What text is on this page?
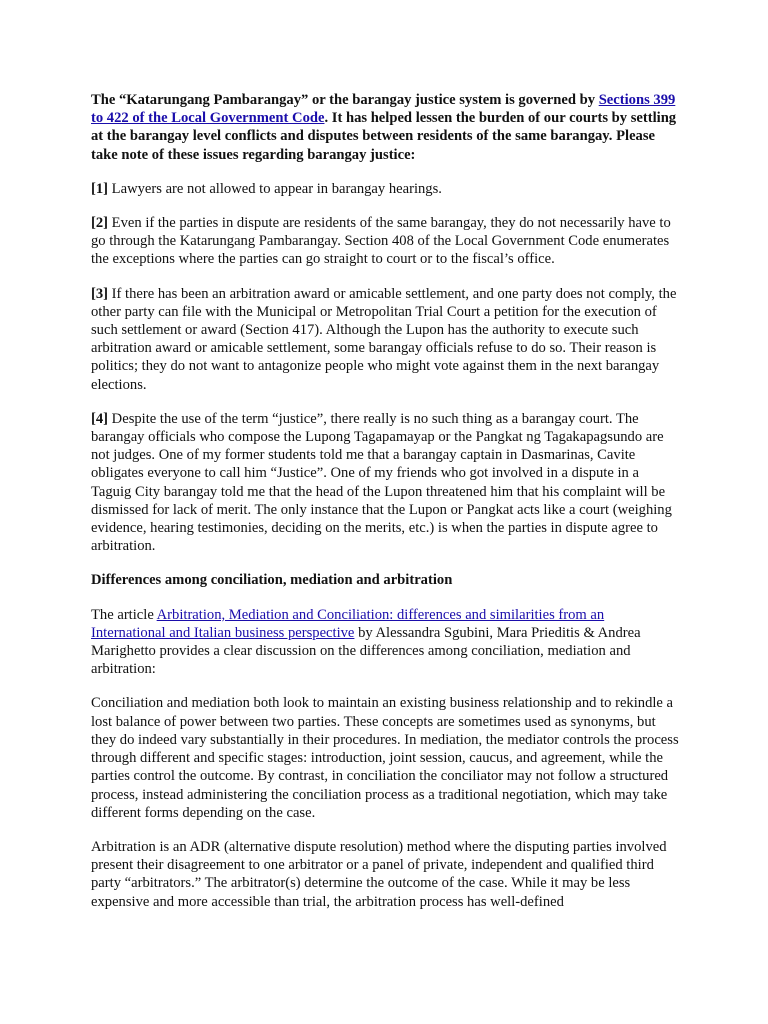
The “Katarungang Pambarangay” or the barangay justice system is governed by Sections 399 to 422 of the Local Government Code. It has helped lessen the burden of our courts by settling at the barangay level conflicts and disputes between residents of the same barangay. Please take note of these issues regarding barangay justice:

[1] Lawyers are not allowed to appear in barangay hearings.

[2] Even if the parties in dispute are residents of the same barangay, they do not necessarily have to go through the Katarungang Pambarangay. Section 408 of the Local Government Code enumerates the exceptions where the parties can go straight to court or to the fiscal’s office.

[3] If there has been an arbitration award or amicable settlement, and one party does not comply, the other party can file with the Municipal or Metropolitan Trial Court a petition for the execution of such settlement or award (Section 417). Although the Lupon has the authority to execute such arbitration award or amicable settlement, some barangay officials refuse to do so. Their reason is politics; they do not want to antagonize people who might vote against them in the next barangay elections.

[4] Despite the use of the term “justice”, there really is no such thing as a barangay court. The barangay officials who compose the Lupong Tagapamayap or the Pangkat ng Tagakapagsundo are not judges. One of my former students told me that a barangay captain in Dasmarinas, Cavite obligates everyone to call him “Justice”. One of my friends who got involved in a dispute in a Taguig City barangay told me that the head of the Lupon threatened him that his complaint will be dismissed for lack of merit. The only instance that the Lupon or Pangkat acts like a court (weighing evidence, hearing testimonies, deciding on the merits, etc.) is when the parties in dispute agree to arbitration.

Differences among conciliation, mediation and arbitration

The article Arbitration, Mediation and Conciliation: differences and similarities from an International and Italian business perspective by Alessandra Sgubini, Mara Prieditis & Andrea Marighetto provides a clear discussion on the differences among conciliation, mediation and arbitration:

Conciliation and mediation both look to maintain an existing business relationship and to rekindle a lost balance of power between two parties. These concepts are sometimes used as synonyms, but they do indeed vary substantially in their procedures. In mediation, the mediator controls the process through different and specific stages: introduction, joint session, caucus, and agreement, while the parties control the outcome. By contrast, in conciliation the conciliator may not follow a structured process, instead administering the conciliation process as a traditional negotiation, which may take different forms depending on the case.

Arbitration is an ADR (alternative dispute resolution) method where the disputing parties involved present their disagreement to one arbitrator or a panel of private, independent and qualified third party “arbitrators.” The arbitrator(s) determine the outcome of the case. While it may be less expensive and more accessible than trial, the arbitration process has well-defined
